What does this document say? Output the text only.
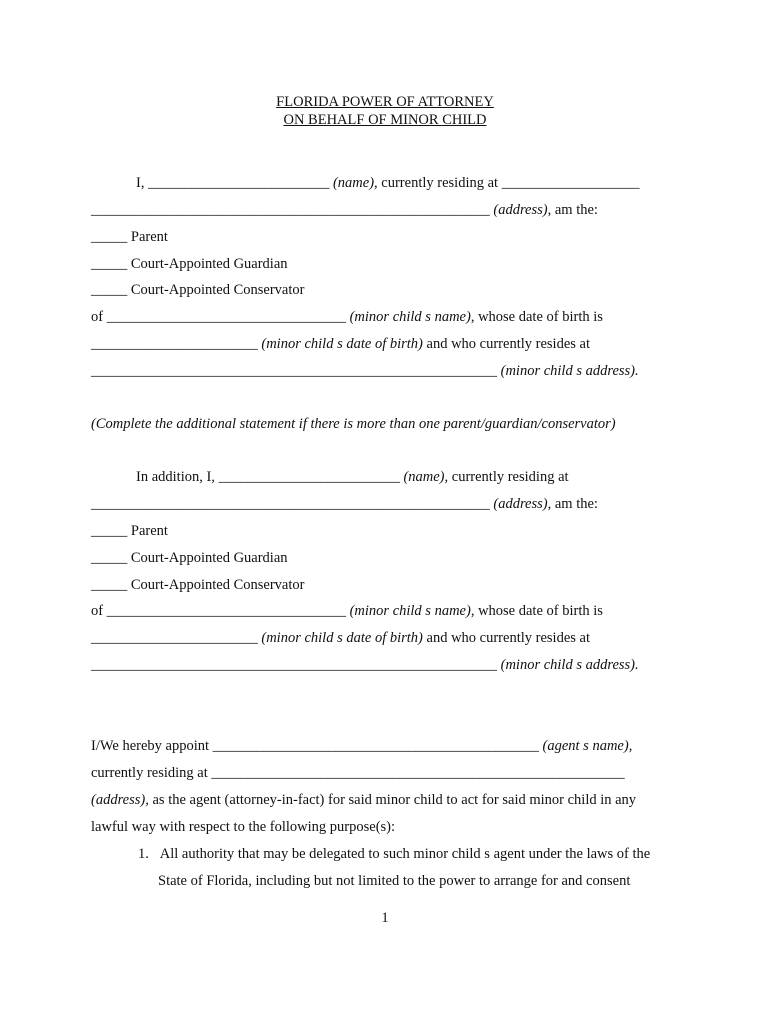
FLORIDA POWER OF ATTORNEY
ON BEHALF OF MINOR CHILD
I, _________________________ (name), currently residing at ___________________
_______________________________________________________ (address), am the:
_____ Parent
_____ Court-Appointed Guardian
_____ Court-Appointed Conservator
of _________________________________ (minor child s name), whose date of birth is
_______________________ (minor child s date of birth) and who currently resides at
________________________________________________________ (minor child s address).
(Complete the additional statement if there is more than one parent/guardian/conservator)
In addition, I, _________________________ (name), currently residing at
_______________________________________________________ (address), am the:
_____ Parent
_____ Court-Appointed Guardian
_____ Court-Appointed Conservator
of _________________________________ (minor child s name), whose date of birth is
_______________________ (minor child s date of birth) and who currently resides at
________________________________________________________ (minor child s address).
I/We hereby appoint _____________________________________________ (agent s name),
currently residing at _________________________________________________________
(address), as the agent (attorney-in-fact) for said minor child to act for said minor child in any
lawful way with respect to the following purpose(s):
1. All authority that may be delegated to such minor child s agent under the laws of the
State of Florida, including but not limited to the power to arrange for and consent
1
